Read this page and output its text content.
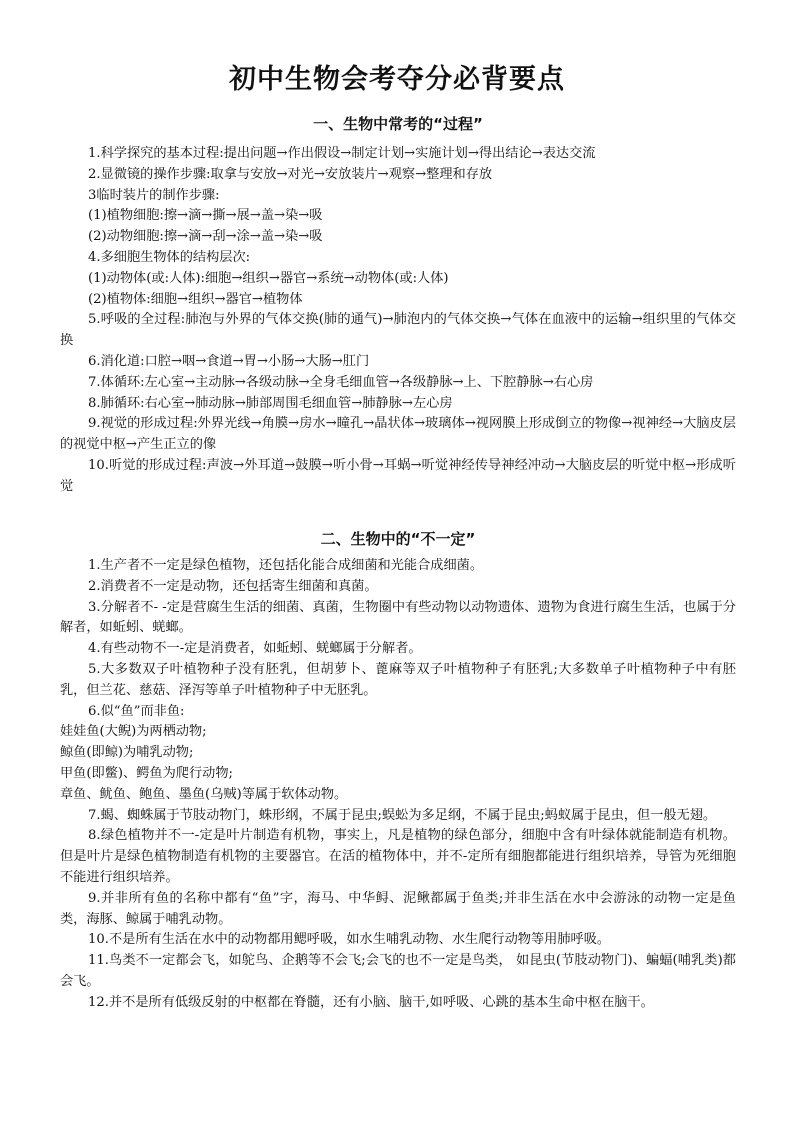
初中生物会考夺分必背要点

一、生物中常考的“过程”

1.科学探究的基本过程:提出问题→作出假设→制定计划→实施计划→得出结论→表达交流

2.显微镜的操作步骤:取拿与安放→对光→安放装片→观察→整理和存放

3临时装片的制作步骤:

(1)植物细胞:擦→滴→撕→展→盖→染→吸

(2)动物细胞:擦→滴→刮→涂→盖→染→吸

4.多细胞生物体的结构层次:

(1)动物体(或:人体):细胞→组织→器官→系统→动物体(或:人体)

(2)植物体:细胞→组织→器官→植物体

5.呼吸的全过程:肺泡与外界的气体交换(肺的通气)→肺泡内的气体交换→气体在血液中的运输→组织里的气体交换

6.消化道:口腔→咽→食道→胃→小肠→大肠→肛门

7.体循环:左心室→主动脉→各级动脉→全身毛细血管→各级静脉→上、下腔静脉→右心房

8.肺循环:右心室→肺动脉→肺部周围毛细血管→肺静脉→左心房

9.视觉的形成过程:外界光线→角膜→房水→瞳孔→晶状体→玻璃体→视网膜上形成倒立的物像→视神经→大脑皮层的视觉中枢→产生正立的像

10.听觉的形成过程:声波→外耳道→鼓膜→听小骨→耳蜗→听觉神经传导神经冲动→大脑皮层的听觉中枢→形成听觉

二、生物中的“不一定”

1.生产者不一定是绿色植物，还包括化能合成细菌和光能合成细菌。

2.消费者不一定是动物，还包括寄生细菌和真菌。

3.分解者不- -定是营腐生生活的细菌、真菌，生物圈中有些动物以动物遗体、遗物为食进行腐生生活，也属于分解者，如蚯蚓、蜣螂。

4.有些动物不一-定是消费者，如蚯蚓、蜣螂属于分解者。

5.大多数双子叶植物种子没有胚乳，但胡萝卜、蓖麻等双子叶植物种子有胚乳;大多数单子叶植物种子中有胚乳，但兰花、慈菇、泽泻等单子叶植物种子中无胚乳。

6.似“鱼”而非鱼:

娃娃鱼(大鲵)为两栖动物;

鲸鱼(即鲸)为哺乳动物;

甲鱼(即鳖)、鳄鱼为爬行动物;

章鱼、鱿鱼、鲍鱼、墨鱼(乌贼)等属于软体动物。

7.蝎、蜘蛛属于节肢动物门，蛛形纲，不属于昆虫;蜈蚣为多足纲，不属于昆虫;蚂蚁属于昆虫，但一般无翅。

8.绿色植物并不一-定是叶片制造有机物，事实上，凡是植物的绿色部分，细胞中含有叶绿体就能制造有机物。但是叶片是绿色植物制造有机物的主要器官。在活的植物体中，并不-定所有细胞都能进行组织培养，导管为死细胞不能进行组织培养。

9.并非所有鱼的名称中都有“鱼”字，海马、中华鲟、泥鳅都属于鱼类;并非生活在水中会游泳的动物一定是鱼类，海豚、鲸属于哺乳动物。

10.不是所有生活在水中的动物都用鳃呼吸，如水生哺乳动物、水生爬行动物等用肺呼吸。

11.鸟类不一定都会飞，如鸵鸟、企鹅等不会飞;会飞的也不一定是鸟类， 如昆虫(节肢动物门)、蝙蝠(哺乳类)都会飞。

12.并不是所有低级反射的中枢都在脊髓，还有小脑、脑干,如呼吸、心跳的基本生命中枢在脑干。
